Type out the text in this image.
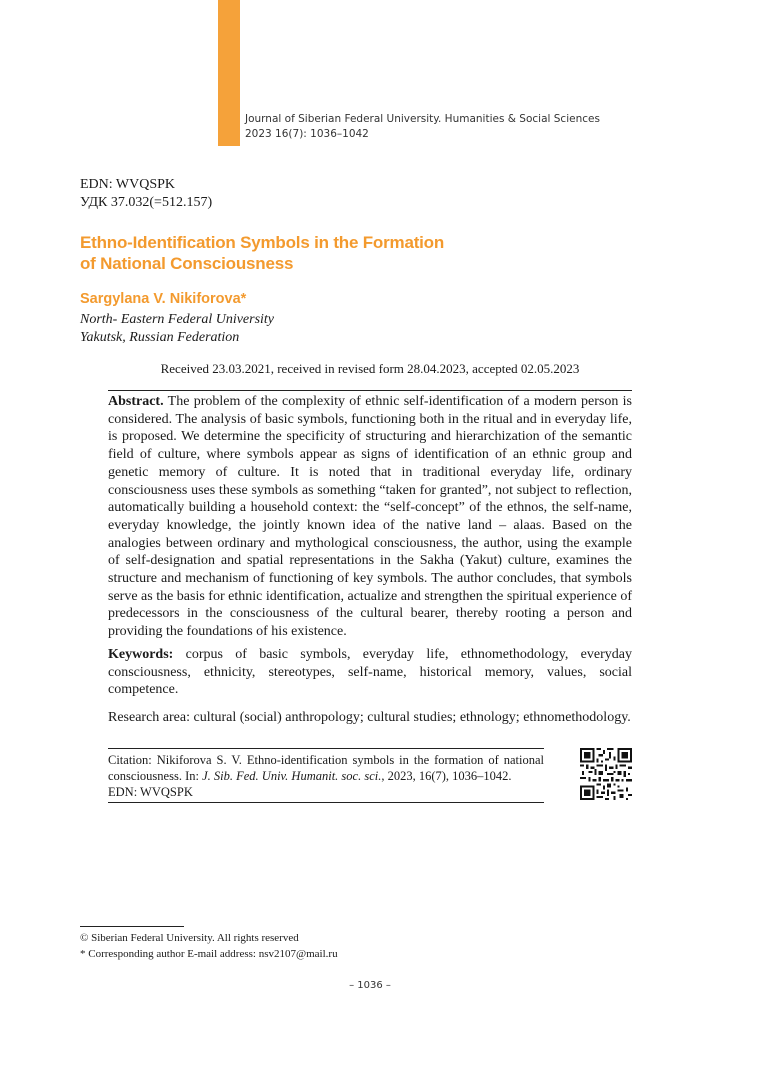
Journal of Siberian Federal University. Humanities & Social Sciences
2023 16(7): 1036–1042
EDN: WVQSPK
УДК 37.032(=512.157)
Ethno-Identification Symbols in the Formation
of National Consciousness
Sargylana V. Nikiforova*
North- Eastern Federal University
Yakutsk, Russian Federation
Received 23.03.2021, received in revised form 28.04.2023, accepted 02.05.2023

Abstract. The problem of the complexity of ethnic self-identification of a modern person is considered. The analysis of basic symbols, functioning both in the ritual and in everyday life, is proposed. We determine the specificity of structuring and hierarchization of the semantic field of culture, where symbols appear as signs of identification of an ethnic group and genetic memory of culture. It is noted that in traditional everyday life, ordinary consciousness uses these symbols as something “taken for granted”, not subject to reflection, automatically building a household context: the “self-concept” of the ethnos, the self-name, everyday knowledge, the jointly known idea of the native land – alaas. Based on the analogies between ordinary and mythological consciousness, the author, using the example of self-designation and spatial representations in the Sakha (Yakut) culture, examines the structure and mechanism of functioning of key symbols. The author concludes, that symbols serve as the basis for ethnic identification, actualize and strengthen the spiritual experience of predecessors in the consciousness of the cultural bearer, thereby rooting a person and providing the foundations of his existence.

Keywords: corpus of basic symbols, everyday life, ethnomethodology, everyday consciousness, ethnicity, stereotypes, self-name, historical memory, values, social competence.

Research area: cultural (social) anthropology; cultural studies; ethnology; ethnomethodology.

Citation: Nikiforova S. V. Ethno-identification symbols in the formation of national consciousness. In: J. Sib. Fed. Univ. Humanit. soc. sci., 2023, 16(7), 1036–1042.
EDN: WVQSPK

© Siberian Federal University. All rights reserved
* Corresponding author E-mail address: nsv2107@mail.ru
– 1036 –
